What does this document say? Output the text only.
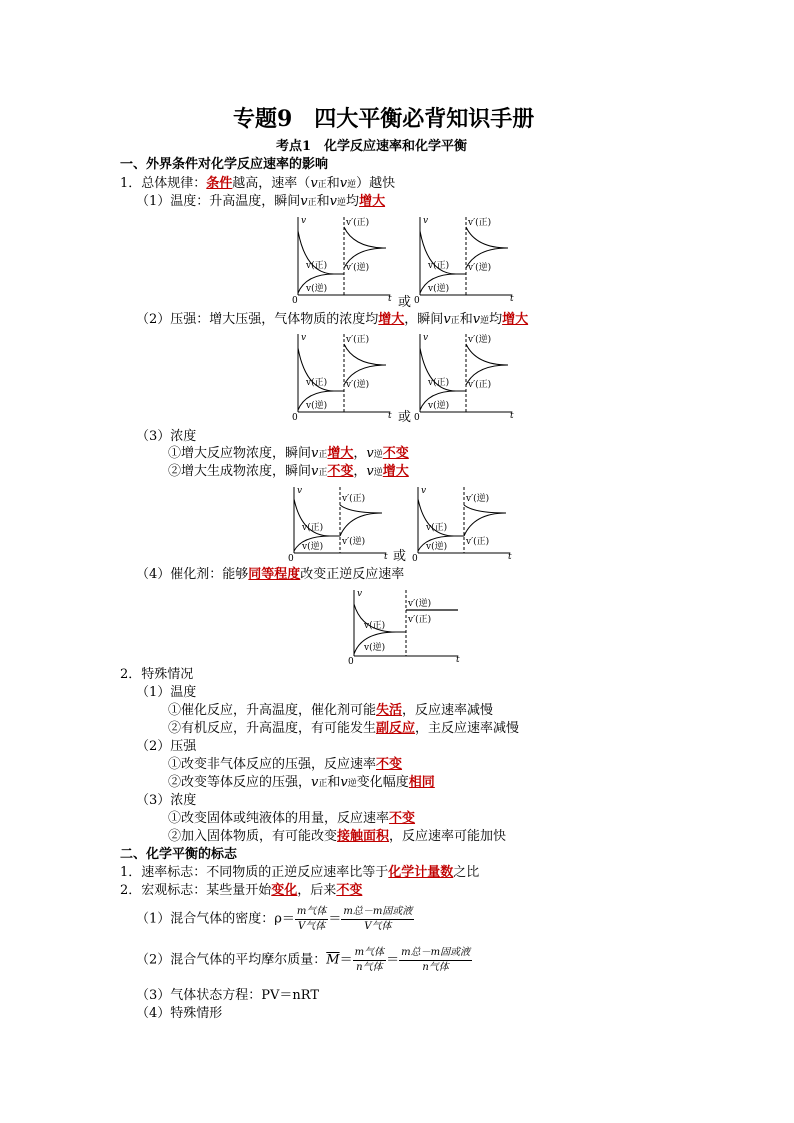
专题9　四大平衡必背知识手册
考点1　化学反应速率和化学平衡
一、外界条件对化学反应速率的影响
1．总体规律：条件越高，速率（v正和v逆）越快
（1）温度：升高温度，瞬间v正和v逆均增大
v
t
0
v(正)
v(逆)
v′(正)
v′(逆)
v
t
0
v(正)
v(逆)
v′(正)
v′(逆)
或
（2）压强：增大压强，气体物质的浓度均增大，瞬间v正和v逆均增大
v
t
0
v(正)
v(逆)
v′(正)
v′(逆)
v
t
0
v(正)
v(逆)
v′(逆)
v′(正)
或
（3）浓度
①增大反应物浓度，瞬间v正增大，v逆不变
②增大生成物浓度，瞬间v正不变，v逆增大
v
t
0
v(正)
v(逆)
v′(正)
v′(逆)
v
t
0
v(正)
v(逆)
v′(逆)
v′(正)
或
（4）催化剂：能够同等程度改变正逆反应速率
v
t
0
v(正)
v(逆)
v′(逆)
v′(正)
2．特殊情况
（1）温度
①催化反应，升高温度，催化剂可能失活，反应速率减慢
②有机反应，升高温度，有可能发生副反应，主反应速率减慢
（2）压强
①改变非气体反应的压强，反应速率不变
②改变等体反应的压强，v正和v逆变化幅度相同
（3）浓度
①改变固体或纯液体的用量，反应速率不变
②加入固体物质，有可能改变接触面积，反应速率可能加快
二、化学平衡的标志
1．速率标志：不同物质的正逆反应速率比等于化学计量数之比
2．宏观标志：某些量开始变化，后来不变
（1）混合气体的密度：$\rho= \frac{\text{m气体}}{\text{V气体}} = \frac{\text{m总－m固或液}}{\text{V气体}}$
（2）混合气体的平均摩尔质量：$\overline{M}= \frac{\text{m气体}}{\text{n气体}} = \frac{\text{m总－m固或液}}{\text{n气体}}$
（3）气体状态方程：PV＝nRT
（4）特殊情形
